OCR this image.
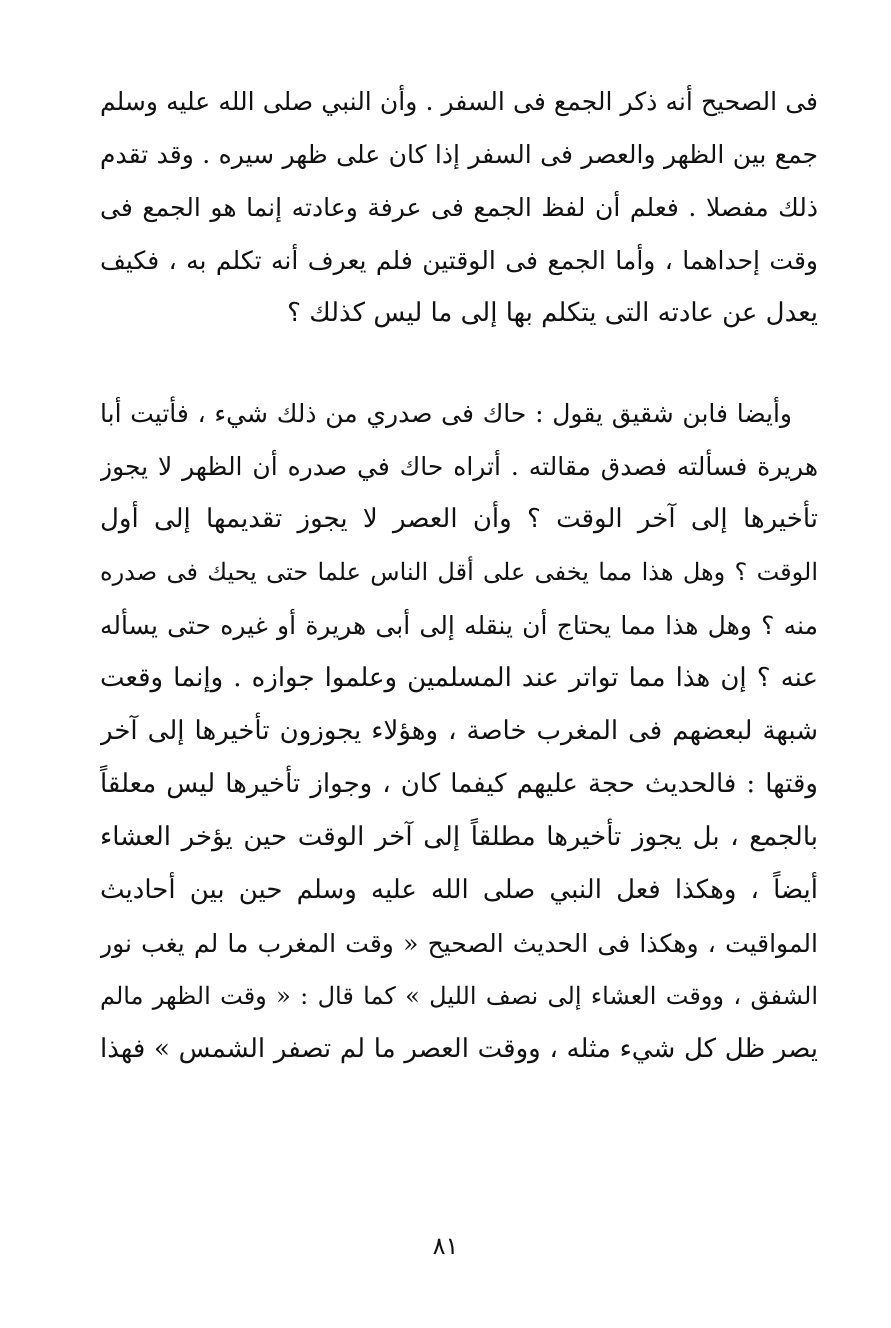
فى الصحيح أنه ذكر الجمع فى السفر . وأن النبي صلى الله عليه وسلم
جمع بين الظهر والعصر فى السفر إذا كان على ظهر سيره . وقد تقدم
ذلك مفصلا . فعلم أن لفظ الجمع فى عرفة وعادته إنما هو الجمع فى
وقت إحداهما ، وأما الجمع فى الوقتين فلم يعرف أنه تكلم به ، فكيف
يعدل عن عادته التى يتكلم بها إلى ما ليس كذلك ؟
وأيضا فابن شقيق يقول : حاك فى صدري من ذلك شيء ، فأتيت أبا
هريرة فسألته فصدق مقالته . أتراه حاك في صدره أن الظهر لا يجوز
تأخيرها إلى آخر الوقت ؟ وأن العصر لا يجوز تقديمها إلى أول
الوقت ؟ وهل هذا مما يخفى على أقل الناس علما حتى يحيك فى صدره
منه ؟ وهل هذا مما يحتاج أن ينقله إلى أبى هريرة أو غيره حتى يسأله
عنه ؟ إن هذا مما تواتر عند المسلمين وعلموا جوازه . وإنما وقعت
شبهة لبعضهم فى المغرب خاصة ، وهؤلاء يجوزون تأخيرها إلى آخر
وقتها : فالحديث حجة عليهم كيفما كان ، وجواز تأخيرها ليس معلقاً
بالجمع ، بل يجوز تأخيرها مطلقاً إلى آخر الوقت حين يؤخر العشاء
أيضاً ، وهكذا فعل النبي صلى الله عليه وسلم حين بين أحاديث
المواقيت ، وهكذا فى الحديث الصحيح « وقت المغرب ما لم يغب نور
الشفق ، ووقت العشاء إلى نصف الليل » كما قال : « وقت الظهر مالم
يصر ظل كل شيء مثله ، ووقت العصر ما لم تصفر الشمس » فهذا
٨١
